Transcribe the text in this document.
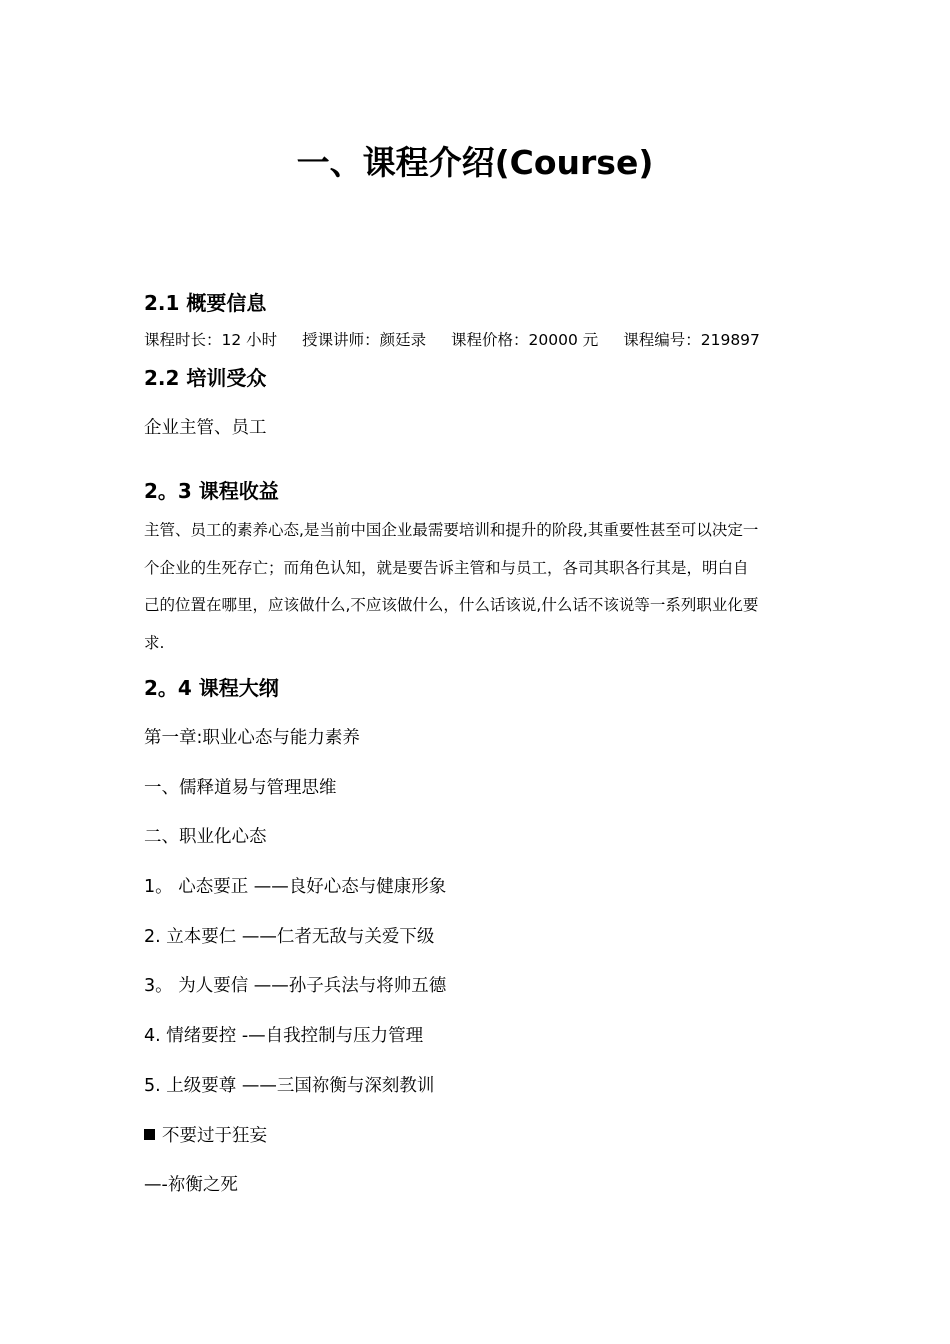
一、课程介绍(Course)
2.1 概要信息

课程时长：12 小时 授课讲师：颜廷录 课程价格：20000 元 课程编号：219897

2.2 培训受众

企业主管、员工

2。3 课程收益

主管、员工的素养心态,是当前中国企业最需要培训和提升的阶段,其重要性甚至可以决定一
个企业的生死存亡；而角色认知，就是要告诉主管和与员工，各司其职各行其是，明白自
己的位置在哪里，应该做什么,不应该做什么，什么话该说,什么话不该说等一系列职业化要
求.

2。4 课程大纲

第一章:职业心态与能力素养

一、儒释道易与管理思维

二、职业化心态

1。 心态要正 ——良好心态与健康形象

2. 立本要仁 ——仁者无敌与关爱下级

3。 为人要信 ——孙子兵法与将帅五德

4. 情绪要控 -—自我控制与压力管理

5. 上级要尊 ——三国祢衡与深刻教训

不要过于狂妄

—-祢衡之死
